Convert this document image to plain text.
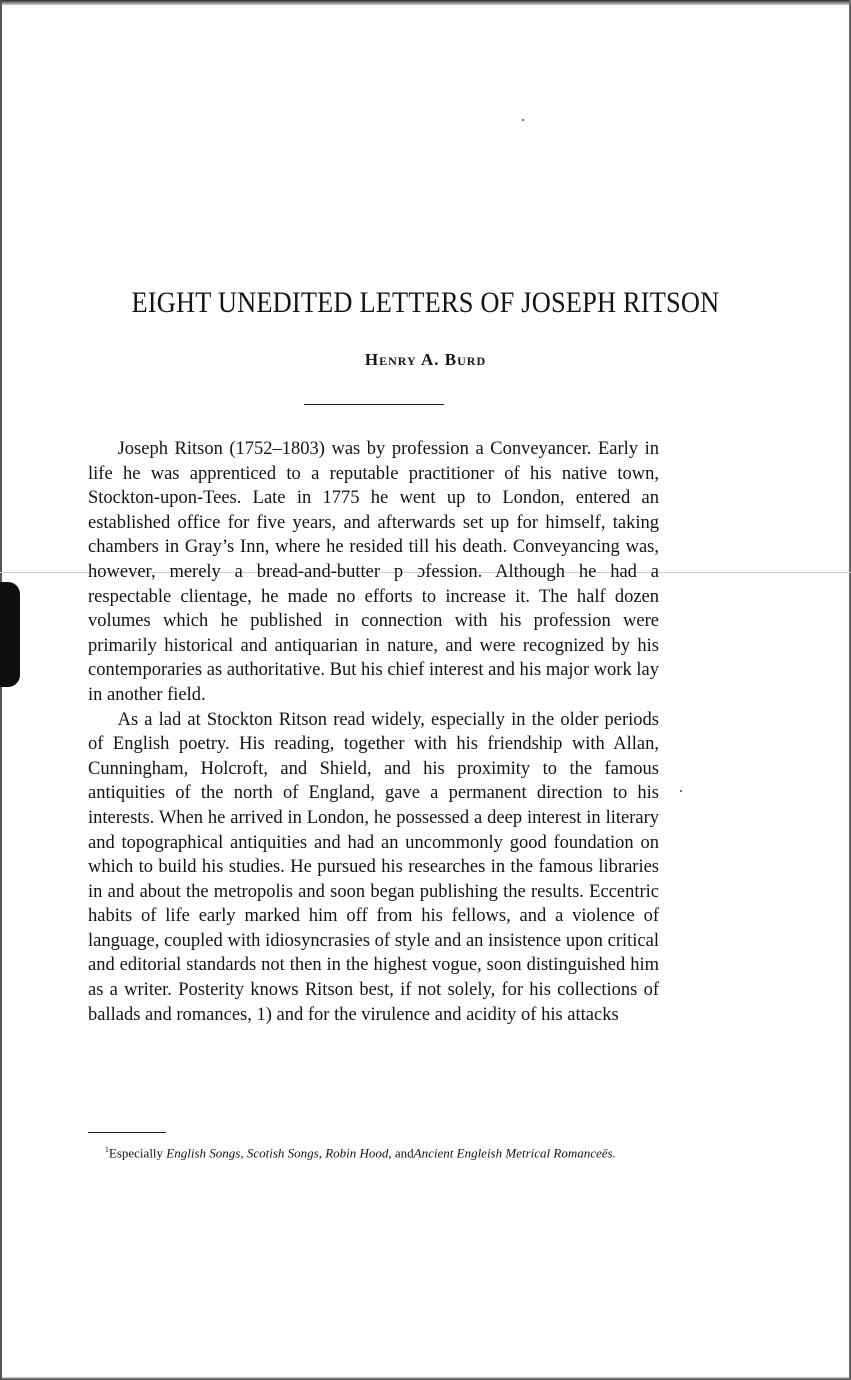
EIGHT UNEDITED LETTERS OF JOSEPH RITSON
Henry A. Burd

Joseph Ritson (1752–1803) was by profession a Conveyancer. Early in life he was apprenticed to a reputable practitioner of his native town, Stockton-upon-Tees. Late in 1775 he went up to London, entered an established office for five years, and afterwards set up for himself, taking chambers in Gray’s Inn, where he resided till his death. Conveyancing was, however, merely a bread-and-butter p ɔfession. Although he had a respectable clientage, he made no efforts to increase it. The half dozen volumes which he published in connection with his profession were primarily historical and antiquarian in nature, and were recognized by his contemporaries as authoritative. But his chief interest and his major work lay in another field.

As a lad at Stockton Ritson read widely, especially in the older periods of English poetry. His reading, together with his friendship with Allan, Cunningham, Holcroft, and Shield, and his proximity to the famous antiquities of the north of England, gave a permanent direction to his interests. When he arrived in London, he possessed a deep interest in literary and topographical antiquities and had an uncommonly good foundation on which to build his studies. He pursued his researches in the famous libraries in and about the metropolis and soon began publishing the results. Eccentric habits of life early marked him off from his fellows, and a violence of language, coupled with idiosyncrasies of style and an insistence upon critical and editorial standards not then in the highest vogue, soon distinguished him as a writer. Posterity knows Ritson best, if not solely, for his collections of ballads and romances, 1) and for the virulence and acidity of his attacks

$^1$Especially English Songs, Scotish Songs, Robin Hood, andAncient Engleish Metrical Romanceës.
